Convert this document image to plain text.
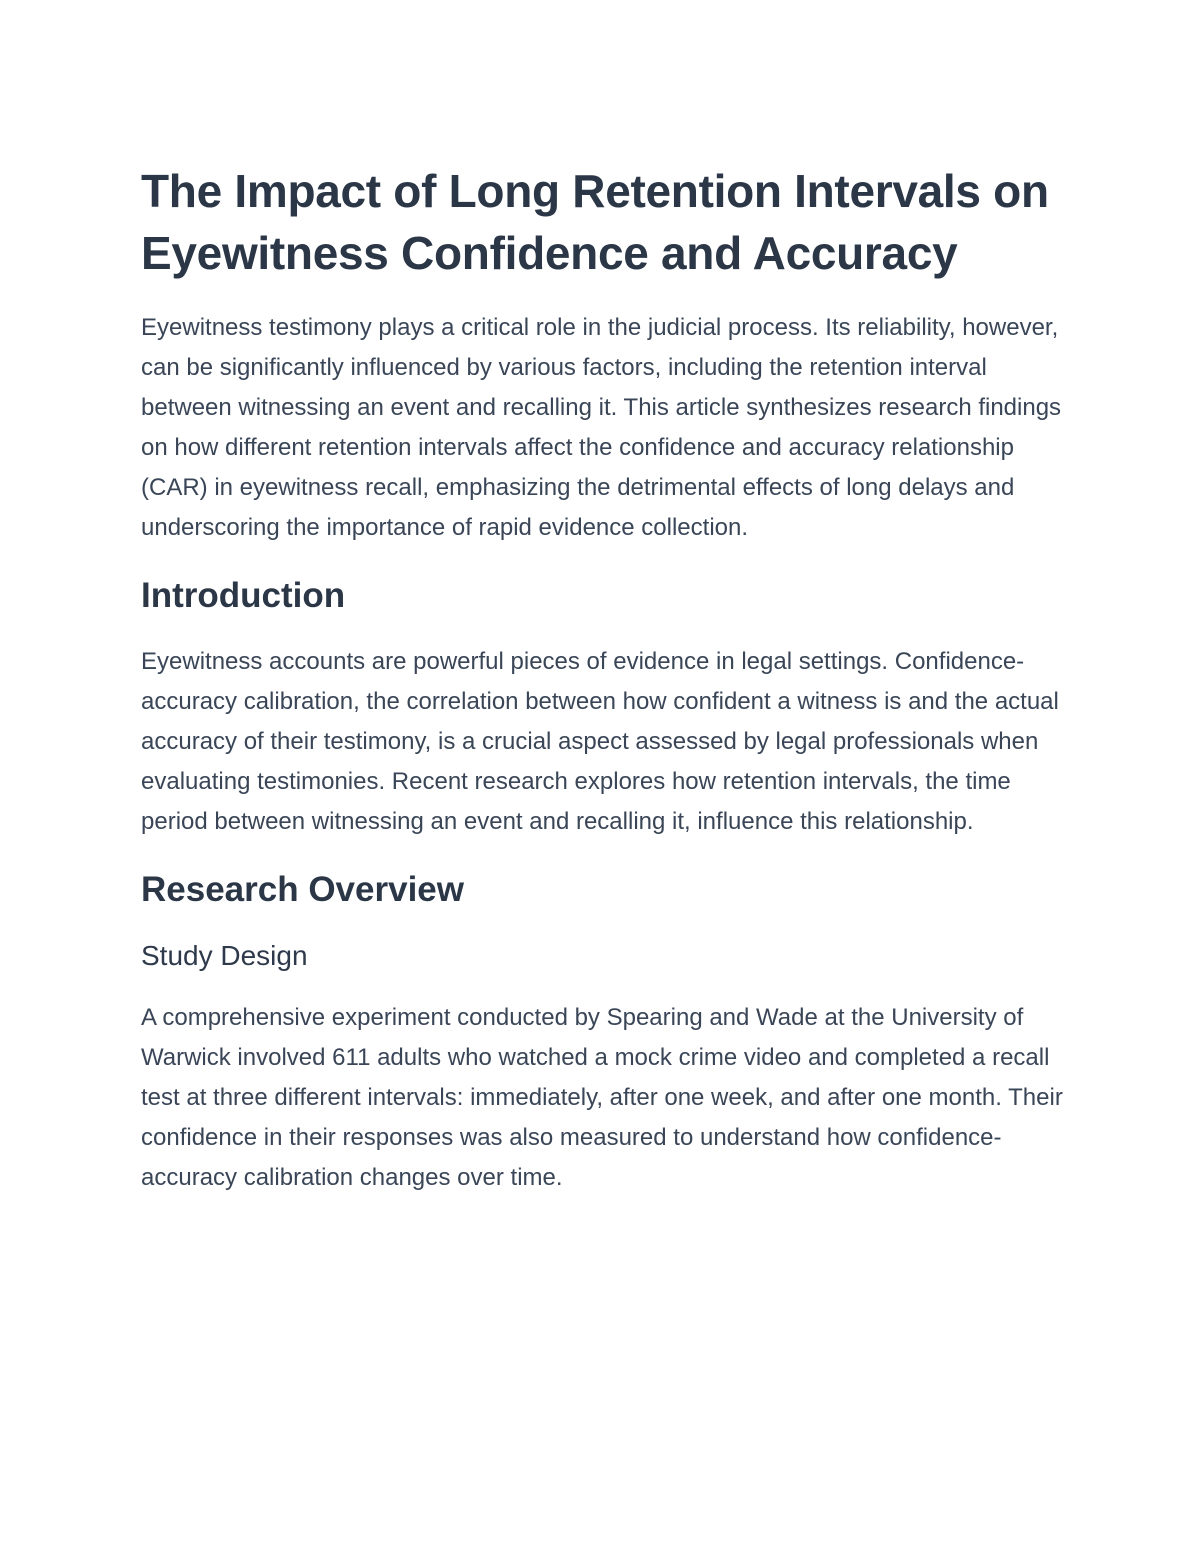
The Impact of Long Retention Intervals on Eyewitness Confidence and Accuracy

Eyewitness testimony plays a critical role in the judicial process. Its reliability, however, can be significantly influenced by various factors, including the retention interval between witnessing an event and recalling it. This article synthesizes research findings on how different retention intervals affect the confidence and accuracy relationship (CAR) in eyewitness recall, emphasizing the detrimental effects of long delays and underscoring the importance of rapid evidence collection.

Introduction

Eyewitness accounts are powerful pieces of evidence in legal settings. Confidence-accuracy calibration, the correlation between how confident a witness is and the actual accuracy of their testimony, is a crucial aspect assessed by legal professionals when evaluating testimonies. Recent research explores how retention intervals, the time period between witnessing an event and recalling it, influence this relationship.

Research Overview
Study Design

A comprehensive experiment conducted by Spearing and Wade at the University of Warwick involved 611 adults who watched a mock crime video and completed a recall test at three different intervals: immediately, after one week, and after one month. Their confidence in their responses was also measured to understand how confidence-accuracy calibration changes over time.
